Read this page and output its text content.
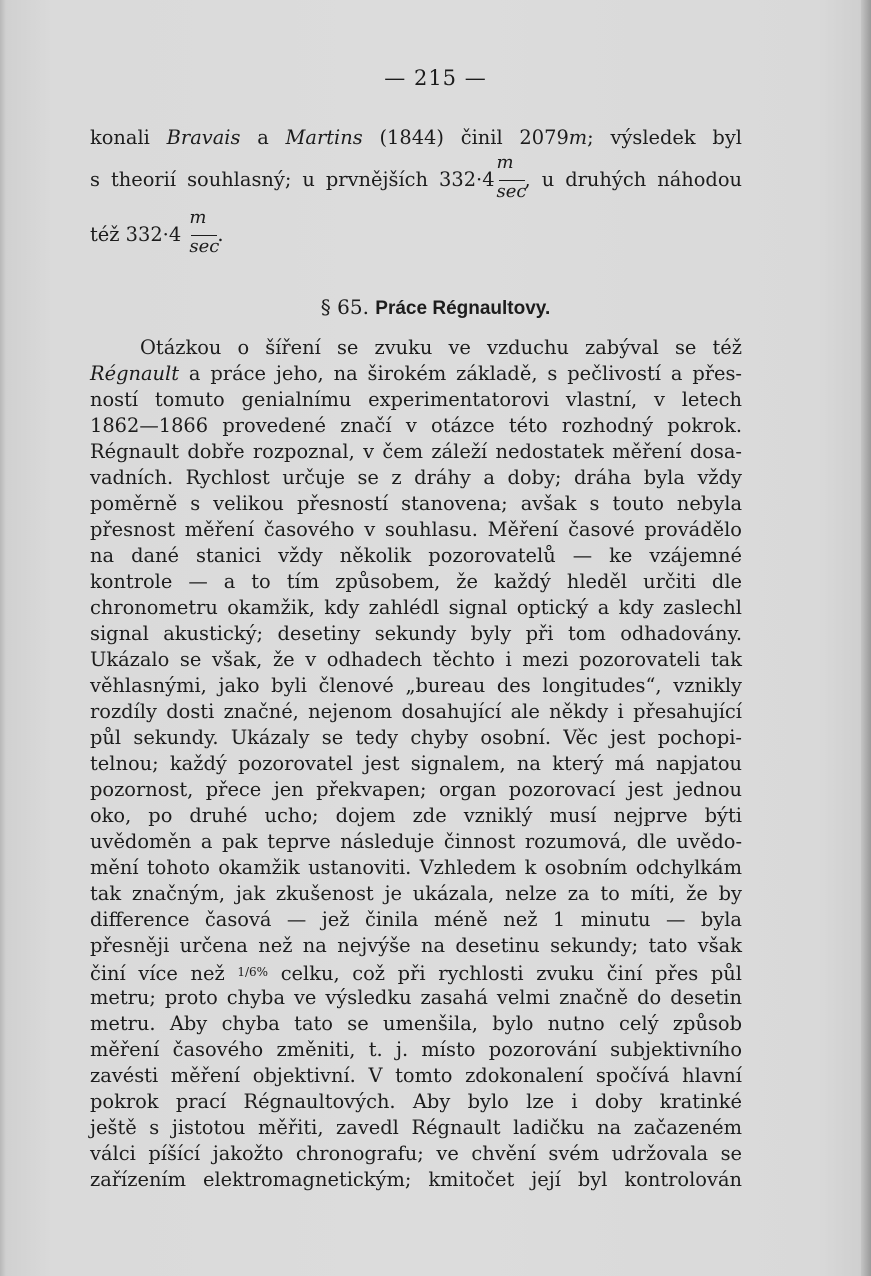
— 215 —
konali Bravais a Martins (1844) činil 2079m; výsledek byl
s theorií souhlasný; u prvnějších $332\cdot 4 \frac{m}{\sec}$ , u druhých náhodou
též $332\cdot 4 \frac{m}{\sec}$ .
§ 65. Práce Régnaultovy.
Otázkou o šíření se zvuku ve vzduchu zabýval se též
Régnault a práce jeho, na širokém základě, s pečlivostí a přes-
ností tomuto genialnímu experimentatorovi vlastní, v letech
1862—1866 provedené značí v otázce této rozhodný pokrok.
Régnault dobře rozpoznal, v čem záleží nedostatek měření dosa-
vadních. Rychlost určuje se z dráhy a doby; dráha byla vždy
poměrně s velikou přesností stanovena; avšak s touto nebyla
přesnost měření časového v souhlasu. Měření časové provádělo
na dané stanici vždy několik pozorovatelů — ke vzájemné
kontrole — a to tím způsobem, že každý hleděl určiti dle
chronometru okamžik, kdy zahlédl signal optický a kdy zaslechl
signal akustický; desetiny sekundy byly při tom odhadovány.
Ukázalo se však, že v odhadech těchto i mezi pozorovateli tak
věhlasnými, jako byli členové „bureau des longitudes“, vznikly
rozdíly dosti značné, nejenom dosahující ale někdy i přesahující
půl sekundy. Ukázaly se tedy chyby osobní. Věc jest pochopi-
telnou; každý pozorovatel jest signalem, na který má napjatou
pozornost, přece jen překvapen; organ pozorovací jest jednou
oko, po druhé ucho; dojem zde vzniklý musí nejprve býti
uvědoměn a pak teprve následuje činnost rozumová, dle uvědo-
mění tohoto okamžik ustanoviti. Vzhledem k osobním odchylkám
tak značným, jak zkušenost je ukázala, nelze za to míti, že by
difference časová — jež činila méně než 1 minutu — byla
přesněji určena než na nejvýše na desetinu sekundy; tato však
činí více než $^{1/6\%}$ celku, což při rychlosti zvuku činí přes půl
metru; proto chyba ve výsledku zasahá velmi značně do desetin
metru. Aby chyba tato se umenšila, bylo nutno celý způsob
měření časového změniti, t. j. místo pozorování subjektivního
zavésti měření objektivní. V tomto zdokonalení spočívá hlavní
pokrok prací Régnaultových. Aby bylo lze i doby kratinké
ještě s jistotou měřiti, zavedl Régnault ladičku na začazeném
válci píšící jakožto chronografu; ve chvění svém udržovala se
zařízením elektromagnetickým; kmitočet její byl kontrolován
